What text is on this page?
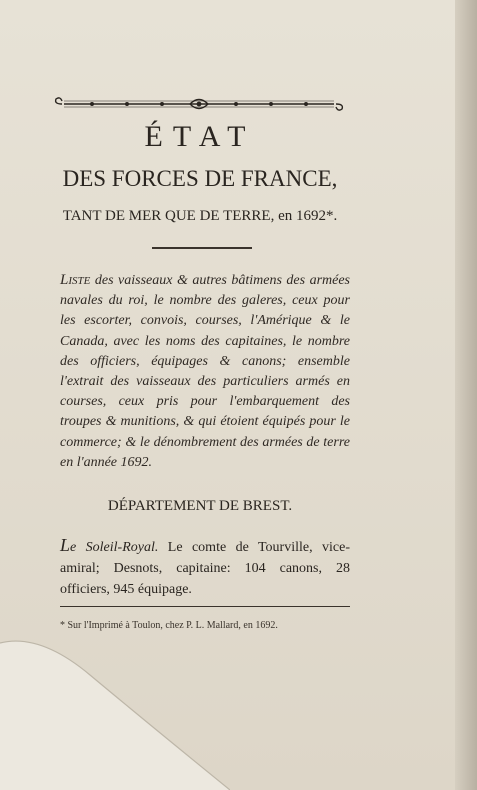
ÉTAT
DES FORCES DE FRANCE,
TANT DE MER QUE DE TERRE, en 1692*.

Liste des vaisseaux & autres bâtimens des armées navales du roi, le nombre des galeres, ceux pour les escorter, convois, courses, l'Amérique & le Canada, avec les noms des capitaines, le nombre des officiers, équipages & canons; ensemble l'extrait des vaisseaux des particuliers armés en courses, ceux pris pour l'embarquement des troupes & munitions, & qui étoient équipés pour le commerce; & le dénombrement des armées de terre en l'année 1692.

DÉPARTEMENT DE BREST.

Le Soleil-Royal. Le comte de Tourville, vice-amiral; Desnots, capitaine: 104 canons, 28 officiers, 945 équipage.

* Sur l'Imprimé à Toulon, chez P. L. Mallard, en 1692.
